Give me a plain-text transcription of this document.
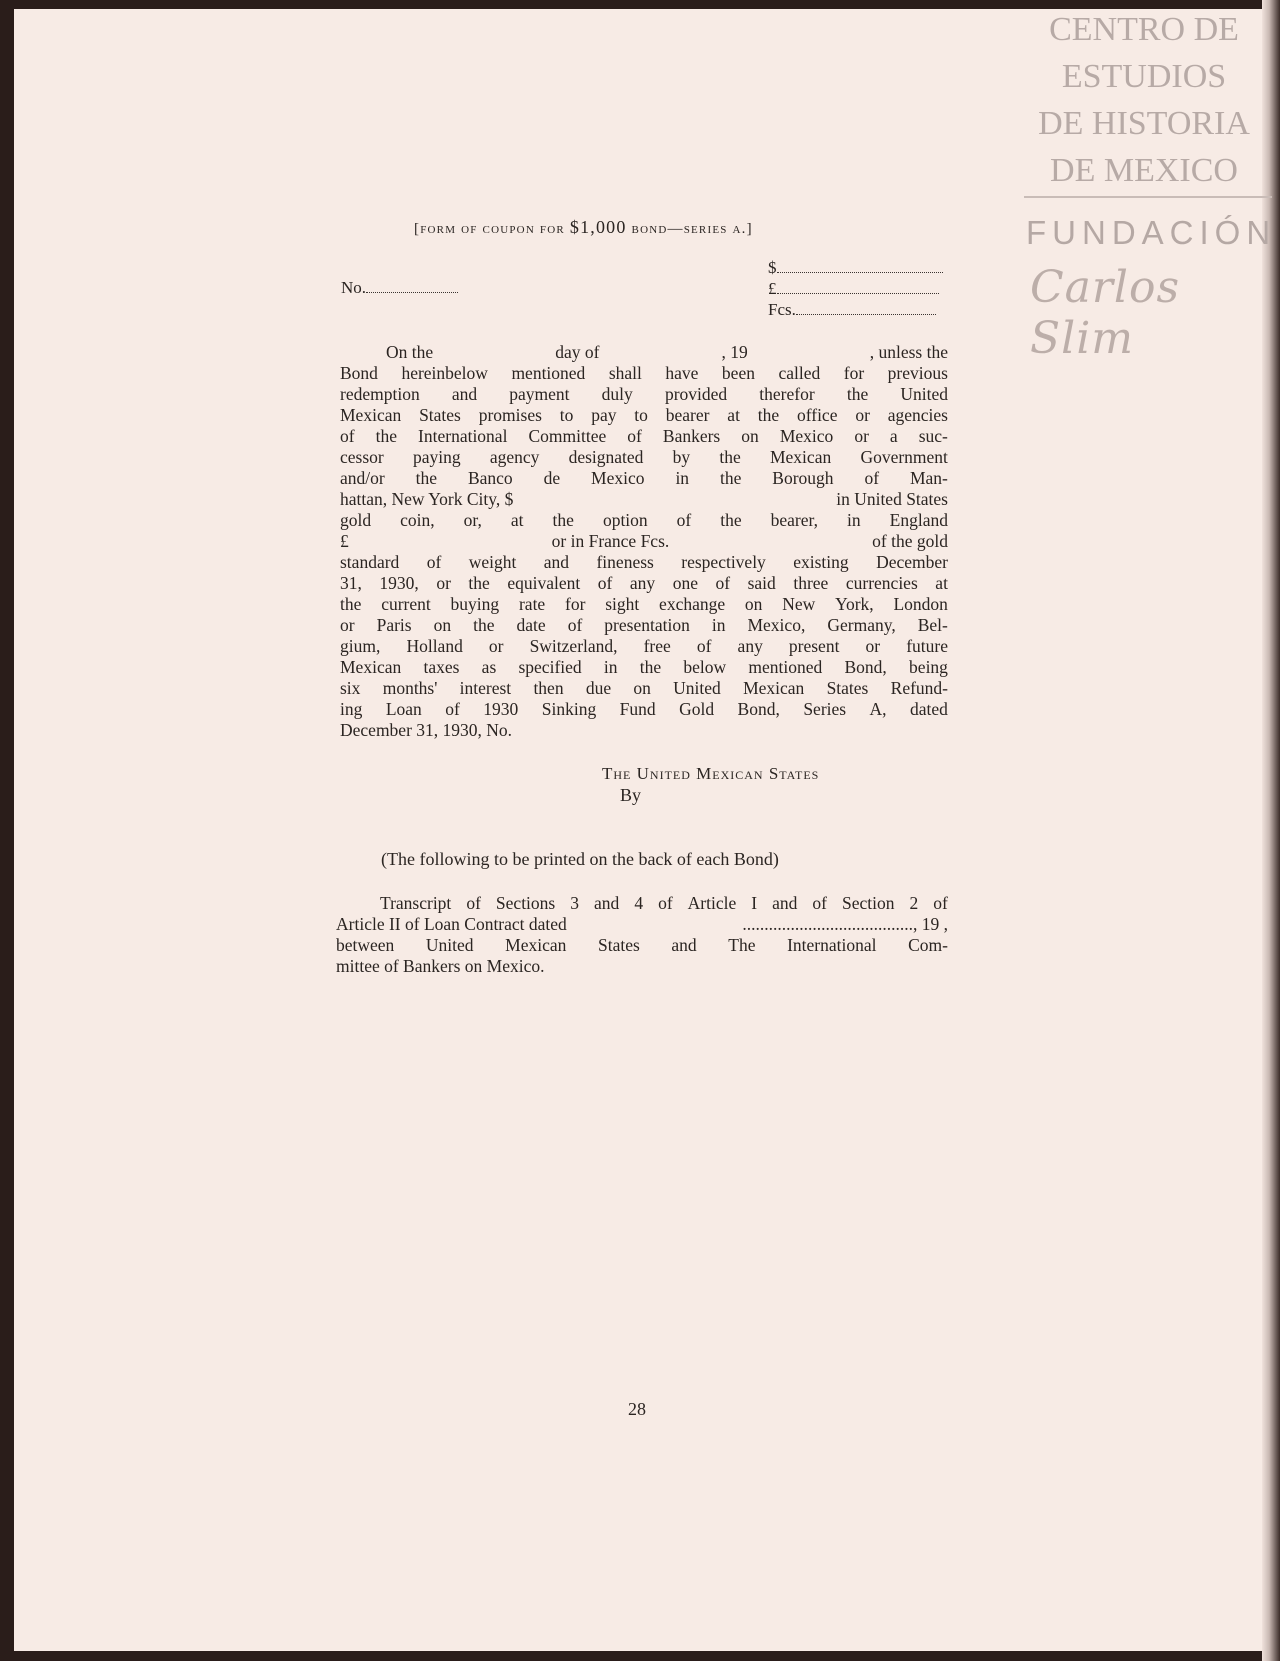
CENTRO DE
ESTUDIOS
DE HISTORIA
DE MEXICO
FUNDACIÓN
Carlos Slim
[form of coupon for $1,000 bond—series a.]
No.
$
£
Fcs.
On the	day of	, 19	, unless the
Bond hereinbelow mentioned shall have been called for previous
redemption and payment duly provided therefor the United
Mexican States promises to pay to bearer at the office or agencies
of the International Committee of Bankers on Mexico or a suc-
cessor paying agency designated by the Mexican Government
and/or the Banco de Mexico in the Borough of Man-
hattan, New York City, $	in United States
gold coin, or, at the option of the bearer, in England
£	or in France Fcs.	of the gold
standard of weight and fineness respectively existing December
31, 1930, or the equivalent of any one of said three currencies at
the current buying rate for sight exchange on New York, London
or Paris on the date of presentation in Mexico, Germany, Bel-
gium, Holland or Switzerland, free of any present or future
Mexican taxes as specified in the below mentioned Bond, being
six months' interest then due on United Mexican States Refund-
ing Loan of 1930 Sinking Fund Gold Bond, Series A, dated
December 31, 1930, No.
The United Mexican States
By
(The following to be printed on the back of each Bond)
Transcript of Sections 3 and 4 of Article I and of Section 2 of
Article II of Loan Contract dated	......................................., 19 ,
between United Mexican States and The International Com-
mittee of Bankers on Mexico.
28
